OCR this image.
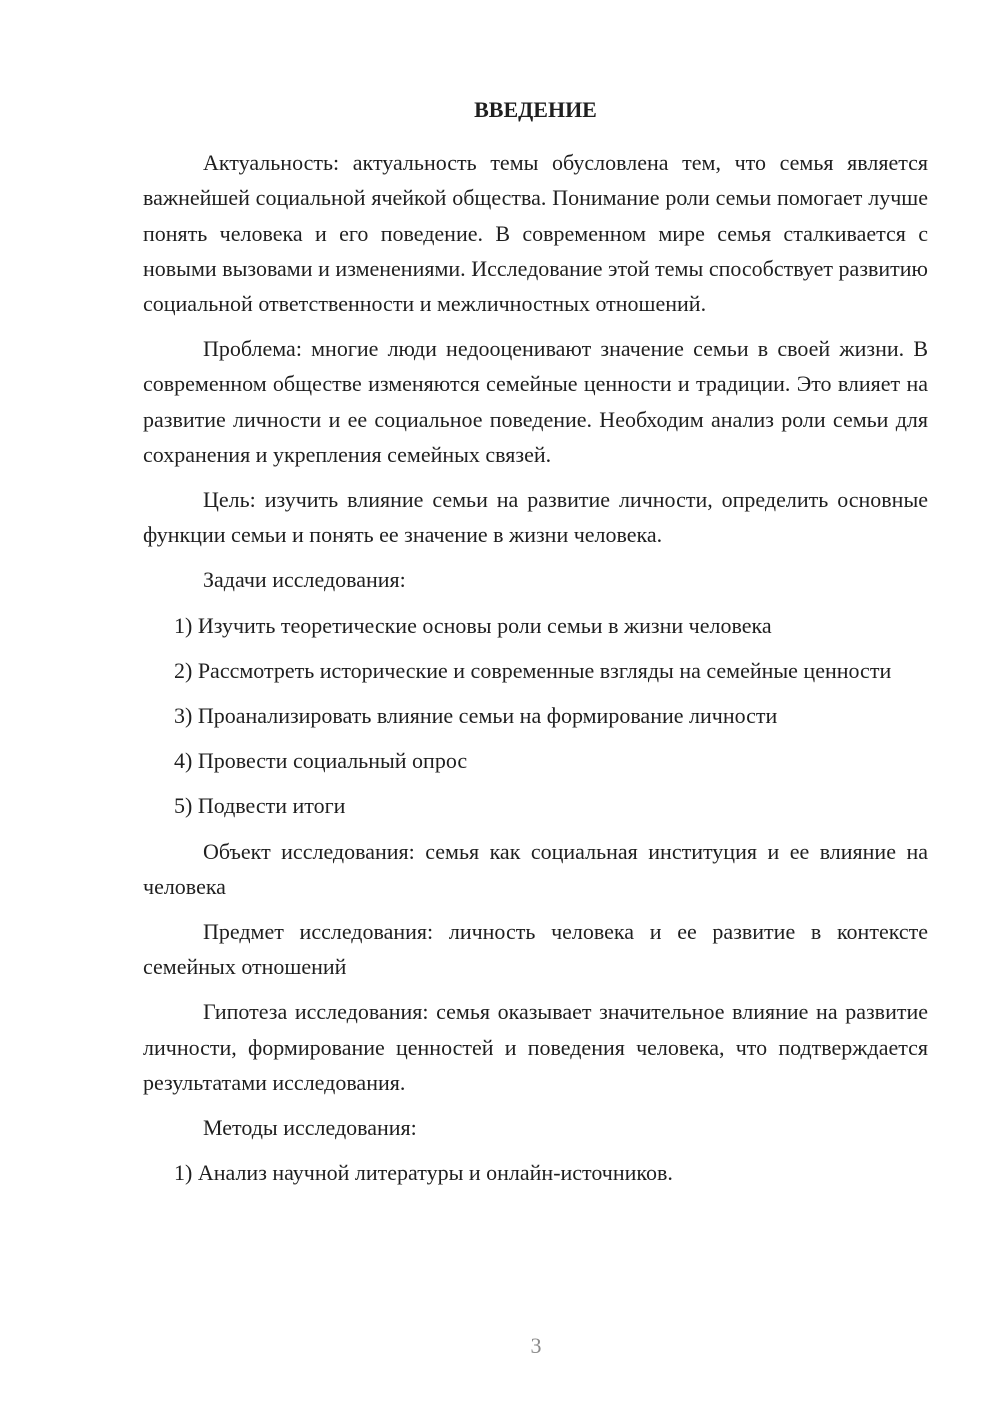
ВВЕДЕНИЕ

Актуальность: актуальность темы обусловлена тем, что семья является важнейшей социальной ячейкой общества. Понимание роли семьи помогает лучше понять человека и его поведение. В современном мире семья сталкивается с новыми вызовами и изменениями. Исследование этой темы способствует развитию социальной ответственности и межличностных отношений.

Проблема: многие люди недооценивают значение семьи в своей жизни. В современном обществе изменяются семейные ценности и традиции. Это влияет на развитие личности и ее социальное поведение. Необходим анализ роли семьи для сохранения и укрепления семейных связей.

Цель: изучить влияние семьи на развитие личности, определить основные функции семьи и понять ее значение в жизни человека.

Задачи исследования:

1) Изучить теоретические основы роли семьи в жизни человека

2) Рассмотреть исторические и современные взгляды на семейные ценности

3) Проанализировать влияние семьи на формирование личности

4) Провести социальный опрос

5) Подвести итоги

Объект исследования: семья как социальная институция и ее влияние на человека

Предмет исследования: личность человека и ее развитие в контексте семейных отношений

Гипотеза исследования: семья оказывает значительное влияние на развитие личности, формирование ценностей и поведения человека, что подтверждается результатами исследования.

Методы исследования:

1) Анализ научной литературы и онлайн-источников.

3
